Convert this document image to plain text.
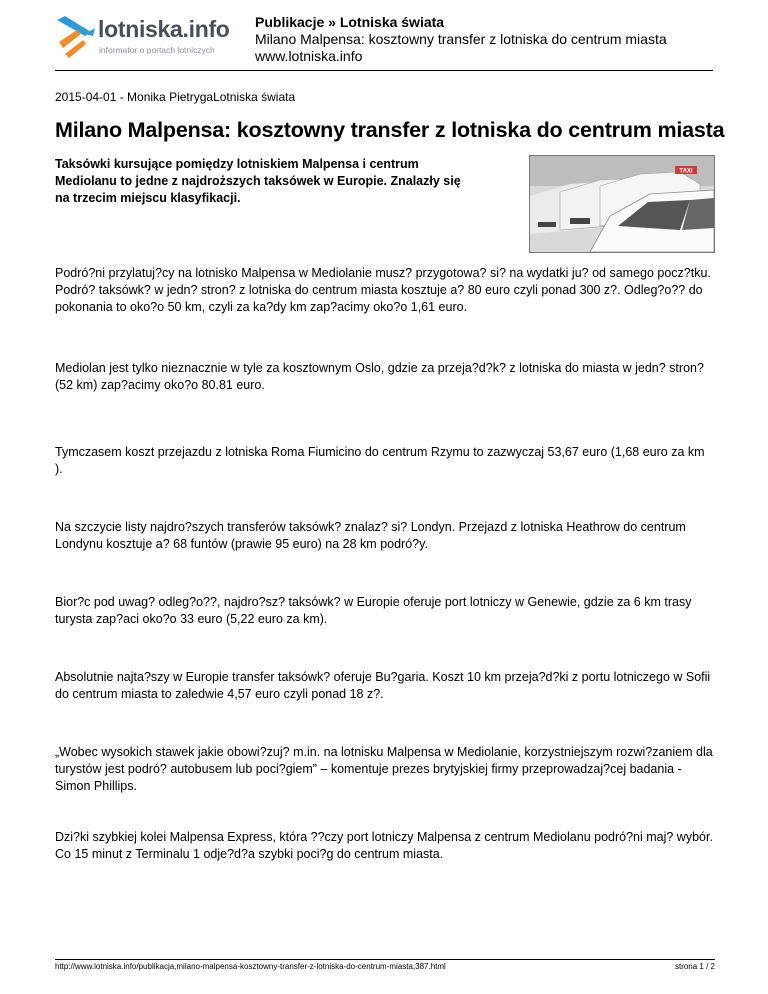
lotniska.info
informator o portach lotniczych
Publikacje » Lotniska świata
Milano Malpensa: kosztowny transfer z lotniska do centrum miasta
www.lotniska.info
2015-04-01 - Monika PietrygaLotniska świata
Milano Malpensa: kosztowny transfer z lotniska do centrum miasta
Taksówki kursujące pomiędzy lotniskiem Malpensa i centrum Mediolanu to jedne z najdroższych taksówek w Europie. Znalazły się na trzecim miejscu klasyfikacji.
TAXI

Podró?ni przylatuj?cy na lotnisko Malpensa w Mediolanie musz? przygotowa? si? na wydatki ju? od samego pocz?tku. Podró? taksówk? w jedn? stron? z lotniska do centrum miasta kosztuje a? 80 euro czyli ponad 300 z?. Odleg?o?? do pokonania to oko?o 50 km, czyli za ka?dy km zap?acimy oko?o 1,61 euro.

Mediolan jest tylko nieznacznie w tyle za kosztownym Oslo, gdzie za przeja?d?k? z lotniska do miasta w jedn? stron? (52 km) zap?acimy oko?o 80.81 euro.

Tymczasem koszt przejazdu z lotniska Roma Fiumicino do centrum Rzymu to zazwyczaj 53,67 euro (1,68 euro za km ).

Na szczycie listy najdro?szych transferów taksówk? znalaz? si? Londyn. Przejazd z lotniska Heathrow do centrum Londynu kosztuje a? 68 funtów (prawie 95 euro) na 28 km podró?y.

Bior?c pod uwag? odleg?o??, najdro?sz? taksówk? w Europie oferuje port lotniczy w Genewie, gdzie za 6 km trasy turysta zap?aci oko?o 33 euro (5,22 euro za km).

Absolutnie najta?szy w Europie transfer taksówk? oferuje Bu?garia. Koszt 10 km przeja?d?ki z portu lotniczego w Sofii do centrum miasta to zaledwie 4,57 euro czyli ponad 18 z?.

„Wobec wysokich stawek jakie obowi?zuj? m.in. na lotnisku Malpensa w Mediolanie, korzystniejszym rozwi?zaniem dla turystów jest podró? autobusem lub poci?giem” – komentuje prezes brytyjskiej firmy przeprowadzaj?cej badania - Simon Phillips.

Dzi?ki szybkiej kolei Malpensa Express, która ??czy port lotniczy Malpensa z centrum Mediolanu podró?ni maj? wybór. Co 15 minut z Terminalu 1 odje?d?a szybki poci?g do centrum miasta.

http://www.lotniska.info/publikacja,milano-malpensa-kosztowny-transfer-z-lotniska-do-centrum-miasta,387.html	strona 1 / 2
